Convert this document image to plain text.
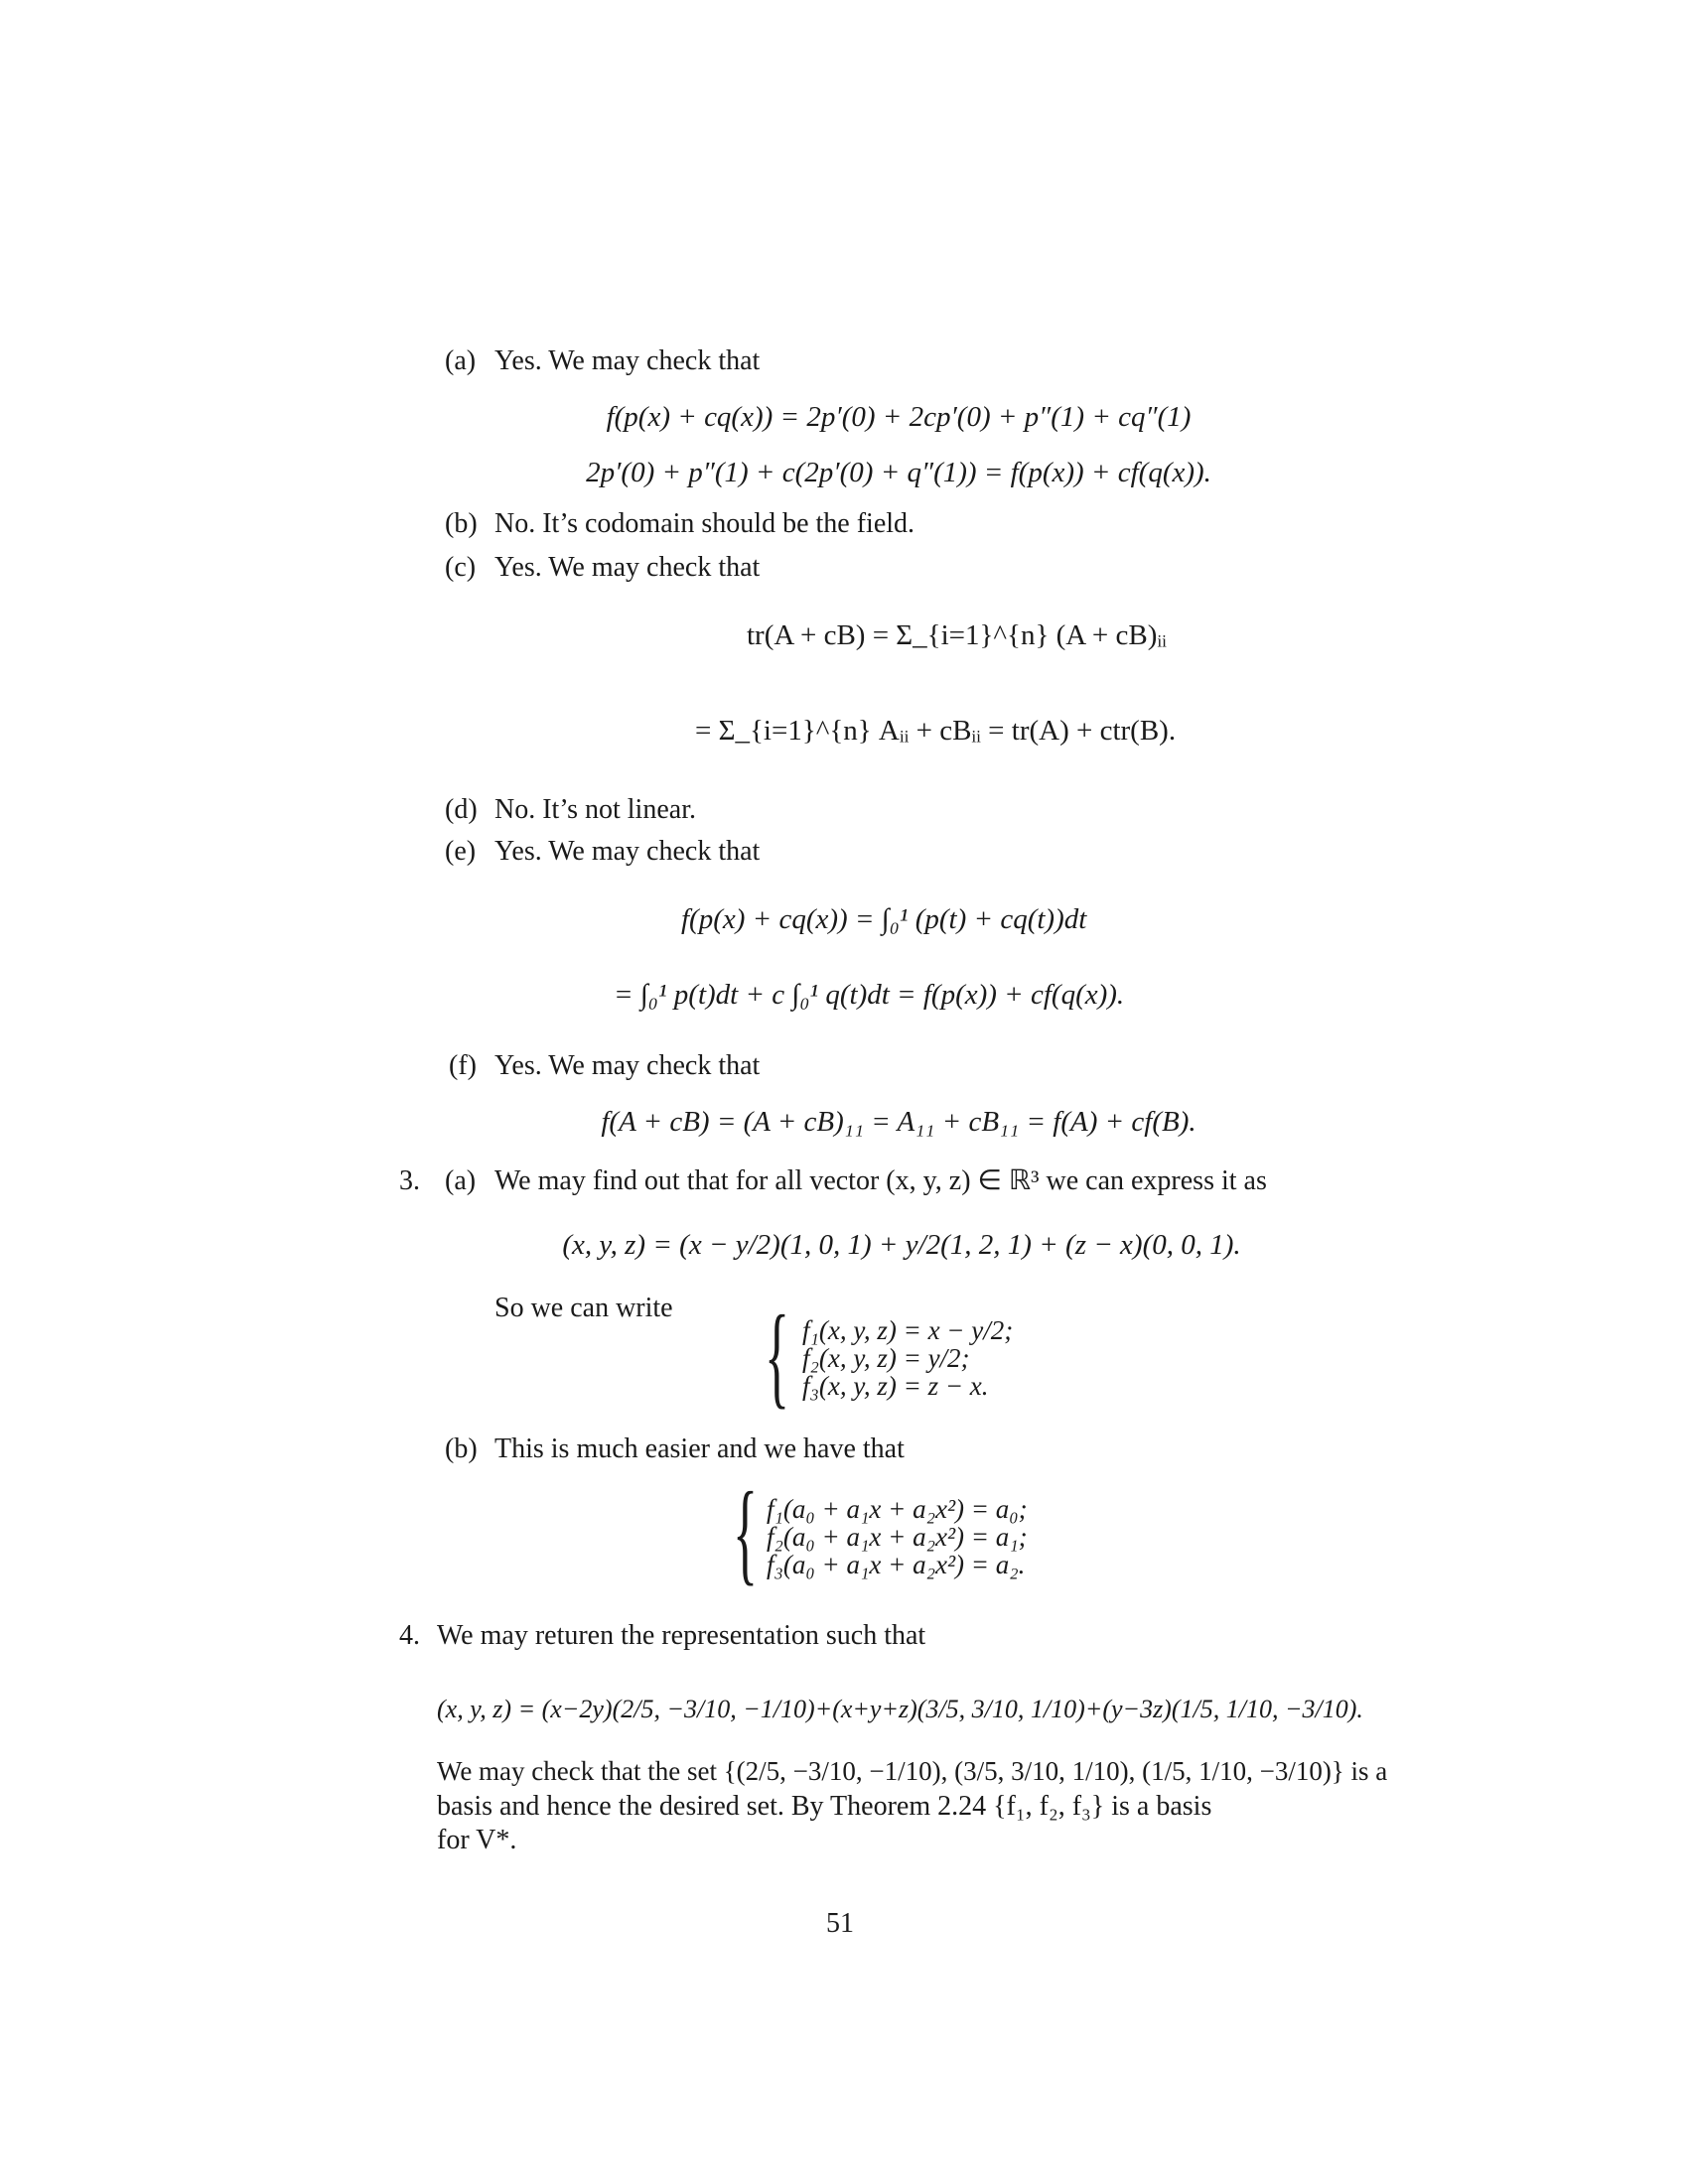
(a) Yes. We may check that
f(p(x) + cq(x)) = 2p′(0) + 2cp′(0) + p″(1) + cq″(1)
2p′(0) + p″(1) + c(2p′(0) + q″(1)) = f(p(x)) + cf(q(x)).
(b) No. It’s codomain should be the field.
(c) Yes. We may check that
tr(A + cB) = Σ_{i=1}^{n} (A + cB)ᵢᵢ
= Σ_{i=1}^{n} Aᵢᵢ + cBᵢᵢ = tr(A) + ctr(B).
(d) No. It’s not linear.
(e) Yes. We may check that
f(p(x) + cq(x)) = ∫₀¹ (p(t) + cq(t))dt
= ∫₀¹ p(t)dt + c ∫₀¹ q(t)dt = f(p(x)) + cf(q(x)).
(f) Yes. We may check that
f(A + cB) = (A + cB)₁₁ = A₁₁ + cB₁₁ = f(A) + cf(B).
3. (a) We may find out that for all vector (x, y, z) ∈ ℝ³ we can express it as
(x, y, z) = (x − y/2)(1, 0, 1) + y/2(1, 2, 1) + (z − x)(0, 0, 1).
So we can write { f₁(x, y, z) = x − y/2;
f₂(x, y, z) = y/2;
f₃(x, y, z) = z − x.
(b) This is much easier and we have that
{ f₁(a₀ + a₁x + a₂x²) = a₀;
f₂(a₀ + a₁x + a₂x²) = a₁;
f₃(a₀ + a₁x + a₂x²) = a₂.
4. We may returen the representation such that
(x, y, z) = (x−2y)(2/5, −3/10, −1/10)+(x+y+z)(3/5, 3/10, 1/10)+(y−3z)(1/5, 1/10, −3/10).
We may check that the set {(2/5, −3/10, −1/10), (3/5, 3/10, 1/10), (1/5, 1/10, −3/10)} is a
basis and hence the desired set. By Theorem 2.24 {f₁, f₂, f₃} is a basis
for V*.
51
